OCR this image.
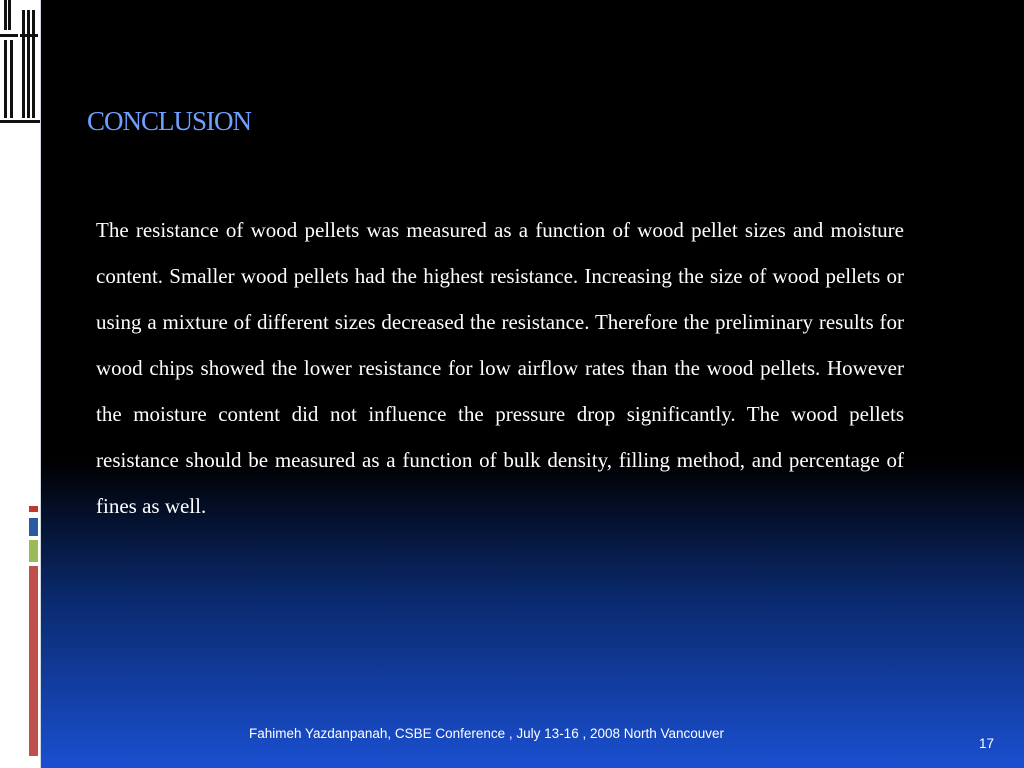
CONCLUSION

The resistance of wood pellets was measured as a function of wood pellet sizes and moisture content. Smaller wood pellets had the highest resistance. Increasing the size of wood pellets or using a mixture of different sizes decreased the resistance. Therefore the preliminary results for wood chips showed the lower resistance for low airflow rates than the wood pellets. However the moisture content did not influence the pressure drop significantly. The wood pellets resistance should be measured as a function of bulk density, filling method, and percentage of fines as well.

Fahimeh Yazdanpanah, CSBE Conference , July 13-16 , 2008 North Vancouver
17
